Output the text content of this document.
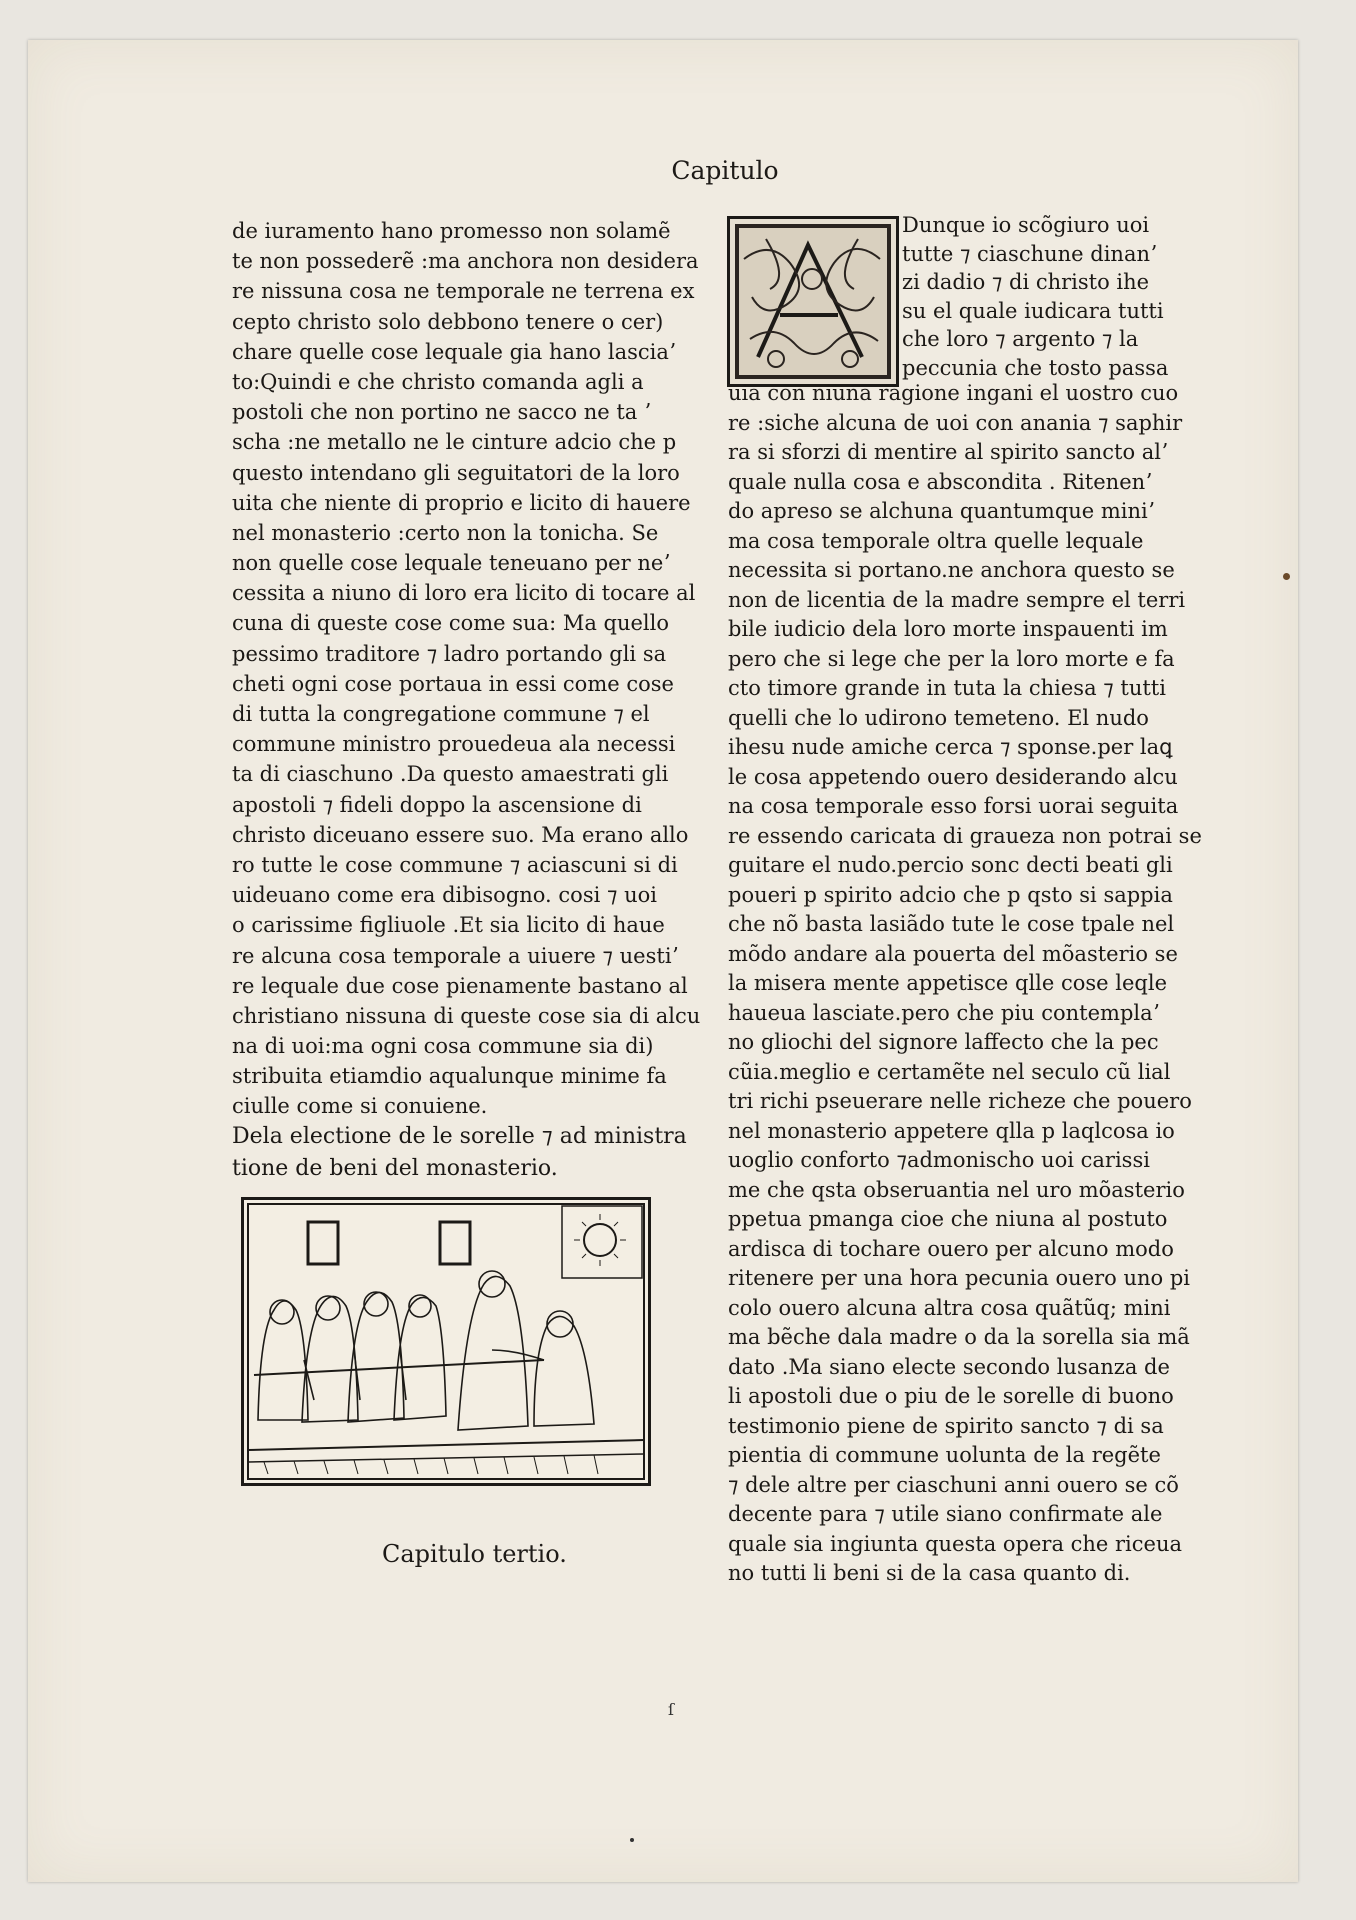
Capitulo
de iuramento hano promesso non solamẽ
te non possederẽ :ma anchora non desidera
re nissuna cosa ne temporale ne terrena ex
cepto christo solo debbono tenere o cer)
chare quelle cose lequale gia hano lasciaʼ
to:Quindi e che christo comanda agli a
postoli che non portino ne sacco ne ta ʼ
scha :ne metallo ne le cinture adcio che p
questo intendano gli seguitatori de la loro
uita che niente di proprio e licito di hauere
nel monasterio :certo non la tonicha. Se
non quelle cose lequale teneuano per neʼ
cessita a niuno di loro era licito di tocare al
cuna di queste cose come sua: Ma quello
pessimo traditore ⁊ ladro portando gli sa
cheti ogni cose portaua in essi come cose
di tutta la congregatione commune ⁊ el
commune ministro prouedeua ala necessi
ta di ciaschuno .Da questo amaestrati gli
apostoli ⁊ fideli doppo la ascensione di
christo diceuano essere suo. Ma erano allo
ro tutte le cose commune ⁊ aciascuni si di
uideuano come era dibisogno. cosi ⁊ uoi
o carissime figliuole .Et sia licito di haue
re alcuna cosa temporale a uiuere ⁊ uestiʼ
re lequale due cose pienamente bastano al
christiano nissuna di queste cose sia di alcu
na di uoi:ma ogni cosa commune sia di)
stribuita etiamdio aqualunque minime fa
ciulle come si conuiene.
Dela electione de le sorelle ⁊ ad ministra
tione de beni del monasterio.
Capitulo tertio.
Dunque io scõgiuro uoi
tutte ⁊ ciaschune dinanʼ
zi dadio ⁊ di christo ihe
su el quale iudicara tutti
che loro ⁊ argento ⁊ la
peccunia che tosto passa
uia con niuna ragione ingani el uostro cuo
re :siche alcuna de uoi con anania ⁊ saphir
ra si sforzi di mentire al spirito sancto alʼ
quale nulla cosa e abscondita . Ritenenʼ
do apreso se alchuna quantumque miniʼ
ma cosa temporale oltra quelle lequale
necessita si portano.ne anchora questo se
non de licentia de la madre sempre el terri
bile iudicio dela loro morte inspauenti im
pero che si lege che per la loro morte e fa
cto timore grande in tuta la chiesa ⁊ tutti
quelli che lo udirono temeteno. El nudo
ihesu nude amiche cerca ⁊ sponse.per laꝗ
le cosa appetendo ouero desiderando alcu
na cosa temporale esso forsi uorai seguita
re essendo caricata di graueza non potrai se
guitare el nudo.percio sonc decti beati gli
poueri p spirito adcio che p qsto si sappia
che nõ basta lasiãdo tute le cose tpale nel
mõdo andare ala pouerta del mõasterio se
la misera mente appetisce qlle cose leqle
haueua lasciate.pero che piu contemplaʼ
no gliochi del signore laffecto che la pec
cũia.meglio e certamẽte nel seculo cũ lial
tri richi pseuerare nelle richeze che pouero
nel monasterio appetere qlla p laqlcosa io
uoglio conforto ⁊admonischo uoi carissi
me che qsta obseruantia nel uro mõasterio
ppetua pmanga cioe che niuna al postuto
ardisca di tochare ouero per alcuno modo
ritenere per una hora pecunia ouero uno pi
colo ouero alcuna altra cosa quãtũq; mini
ma bẽche dala madre o da la sorella sia mã
dato .Ma siano electe secondo lusanza de
li apostoli due o piu de le sorelle di buono
testimonio piene de spirito sancto ⁊ di sa
pientia di commune uolunta de la regẽte
⁊ dele altre per ciaschuni anni ouero se cõ
decente para ⁊ utile siano confirmate ale
quale sia ingiunta questa opera che riceua
no tutti li beni si de la casa quanto di.
ſ
